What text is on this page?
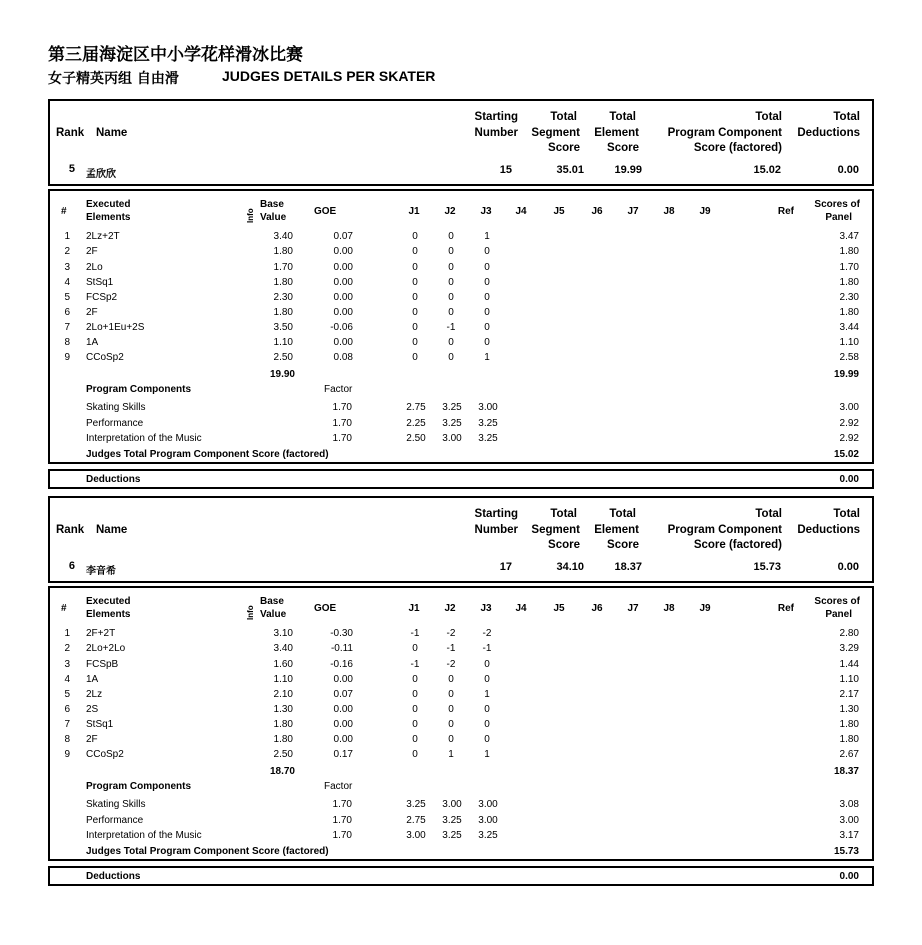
第三届海淀区中小学花样滑冰比赛
女子精英丙组 自由滑	JUDGES DETAILS PER SKATER
Rank Name
Starting
Number
Total
Segment
Score
Total
Element
Score
Total
Program Component
Score (factored)
Total
Deductions
5 孟欣欣	15	35.01	19.99	15.02	0.00
#
Executed
Elements	Info
Base
Value
GOE	J1	J2	J3	J4	J5	J6	J7	J8	J9	Ref
Scores of
Panel
1 2Lz+2T	3.40	0.07	0	0	1	3.47
2 2F	1.80	0.00	0	0	0	1.80
3 2Lo	1.70	0.00	0	0	0	1.70
4 StSq1	1.80	0.00	0	0	0	1.80
5 FCSp2	2.30	0.00	0	0	0	2.30
6 2F	1.80	0.00	0	0	0	1.80
7 2Lo+1Eu+2S	3.50	-0.06	0	-1	0	3.44
8 1A	1.10	0.00	0	0	0	1.10
9 CCoSp2	2.50	0.08	0	0	1	2.58
19.90	19.99
Program Components	Factor
Skating Skills	1.70	2.75	3.25	3.00	3.00
Performance	1.70	2.25	3.25	3.25	2.92
Interpretation of the Music	1.70	2.50	3.00	3.25	2.92
Judges Total Program Component Score (factored)	15.02
Deductions	0.00
Rank Name
Starting
Number
Total
Segment
Score
Total
Element
Score
Total
Program Component
Score (factored)
Total
Deductions
6 李音希	17	34.10	18.37	15.73	0.00
#
Executed
Elements	Info
Base
Value
GOE	J1	J2	J3	J4	J5	J6	J7	J8	J9	Ref
Scores of
Panel
1 2F+2T	3.10	-0.30	-1	-2	-2	2.80
2 2Lo+2Lo	3.40	-0.11	0	-1	-1	3.29
3 FCSpB	1.60	-0.16	-1	-2	0	1.44
4 1A	1.10	0.00	0	0	0	1.10
5 2Lz	2.10	0.07	0	0	1	2.17
6 2S	1.30	0.00	0	0	0	1.30
7 StSq1	1.80	0.00	0	0	0	1.80
8 2F	1.80	0.00	0	0	0	1.80
9 CCoSp2	2.50	0.17	0	1	1	2.67
18.70	18.37
Program Components	Factor
Skating Skills	1.70	3.25	3.00	3.00	3.08
Performance	1.70	2.75	3.25	3.00	3.00
Interpretation of the Music	1.70	3.00	3.25	3.25	3.17
Judges Total Program Component Score (factored)	15.73
Deductions	0.00
